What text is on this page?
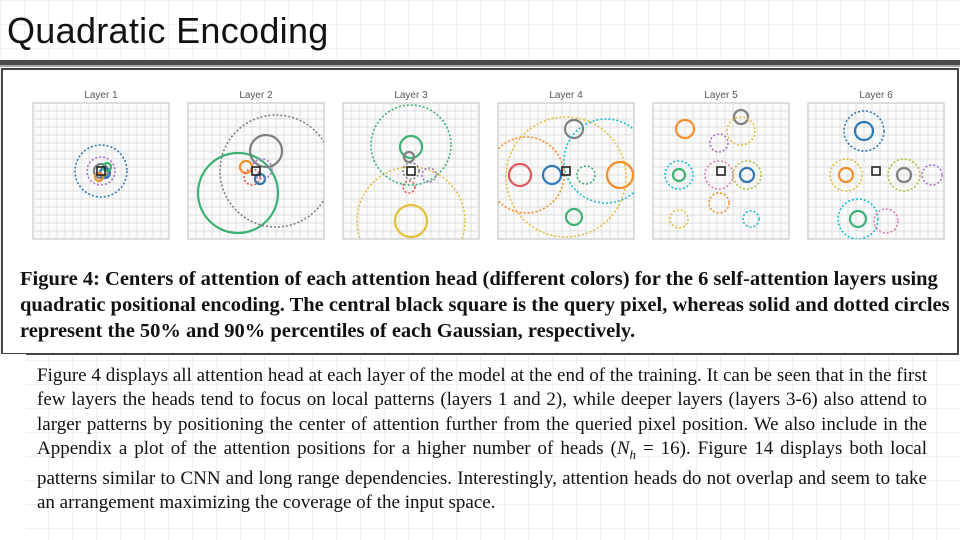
Quadratic Encoding
Layer 1	Layer 2	Layer 3	Layer 4	Layer 5	Layer 6

Figure 4: Centers of attention of each attention head (different colors) for the 6 self-attention layers using quadratic positional encoding. The central black square is the query pixel, whereas solid and dotted circles represent the 50% and 90% percentiles of each Gaussian, respectively.

Figure 4 displays all attention head at each layer of the model at the end of the training. It can be seen that in the first few layers the heads tend to focus on local patterns (layers 1 and 2), while deeper layers (layers 3-6) also attend to larger patterns by positioning the center of attention further from the queried pixel position. We also include in the Appendix a plot of the attention positions for a higher number of heads $(N_h = 16)$. Figure 14 displays both local patterns similar to CNN and long range dependencies. Interestingly, attention heads do not overlap and seem to take an arrangement maximizing the coverage of the input space.
